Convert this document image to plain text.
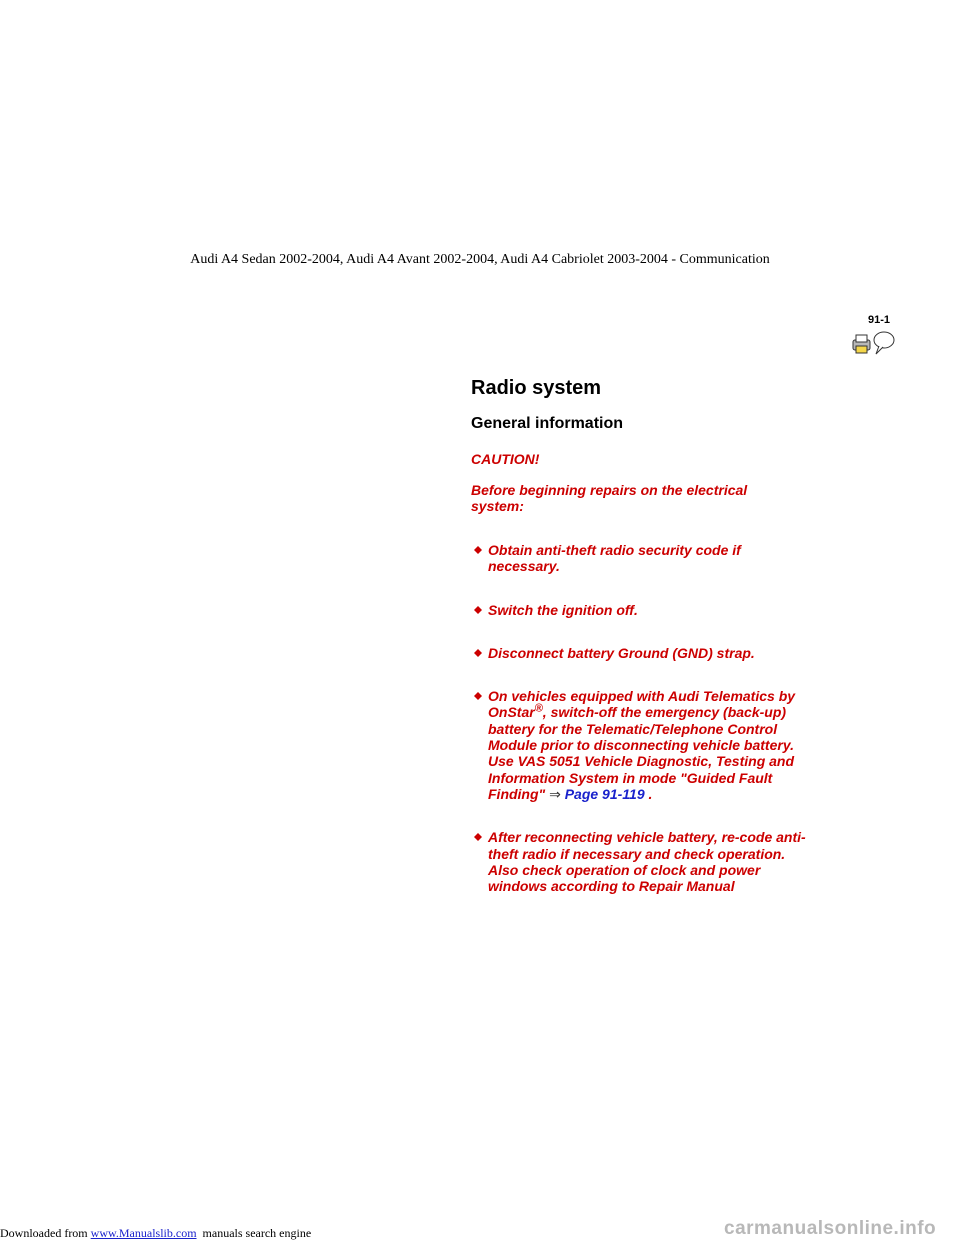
Audi A4 Sedan 2002-2004, Audi A4 Avant 2002-2004, Audi A4 Cabriolet 2003-2004 - Communication
91-1
Radio system
General information
CAUTION!
Before beginning repairs on the electrical system:
Obtain anti-theft radio security code if necessary.
Switch the ignition off.
Disconnect battery Ground (GND) strap.
On vehicles equipped with Audi Telematics by OnStar®, switch-off the emergency (back-up) battery for the Telematic/Telephone Control Module prior to disconnecting vehicle battery. Use VAS 5051 Vehicle Diagnostic, Testing and Information System in mode "Guided Fault Finding" ⇒ Page 91-119 .
After reconnecting vehicle battery, re-code anti-theft radio if necessary and check operation. Also check operation of clock and power windows according to Repair Manual
Downloaded from www.Manualslib.com  manuals search engine	carmanualsonline.info
